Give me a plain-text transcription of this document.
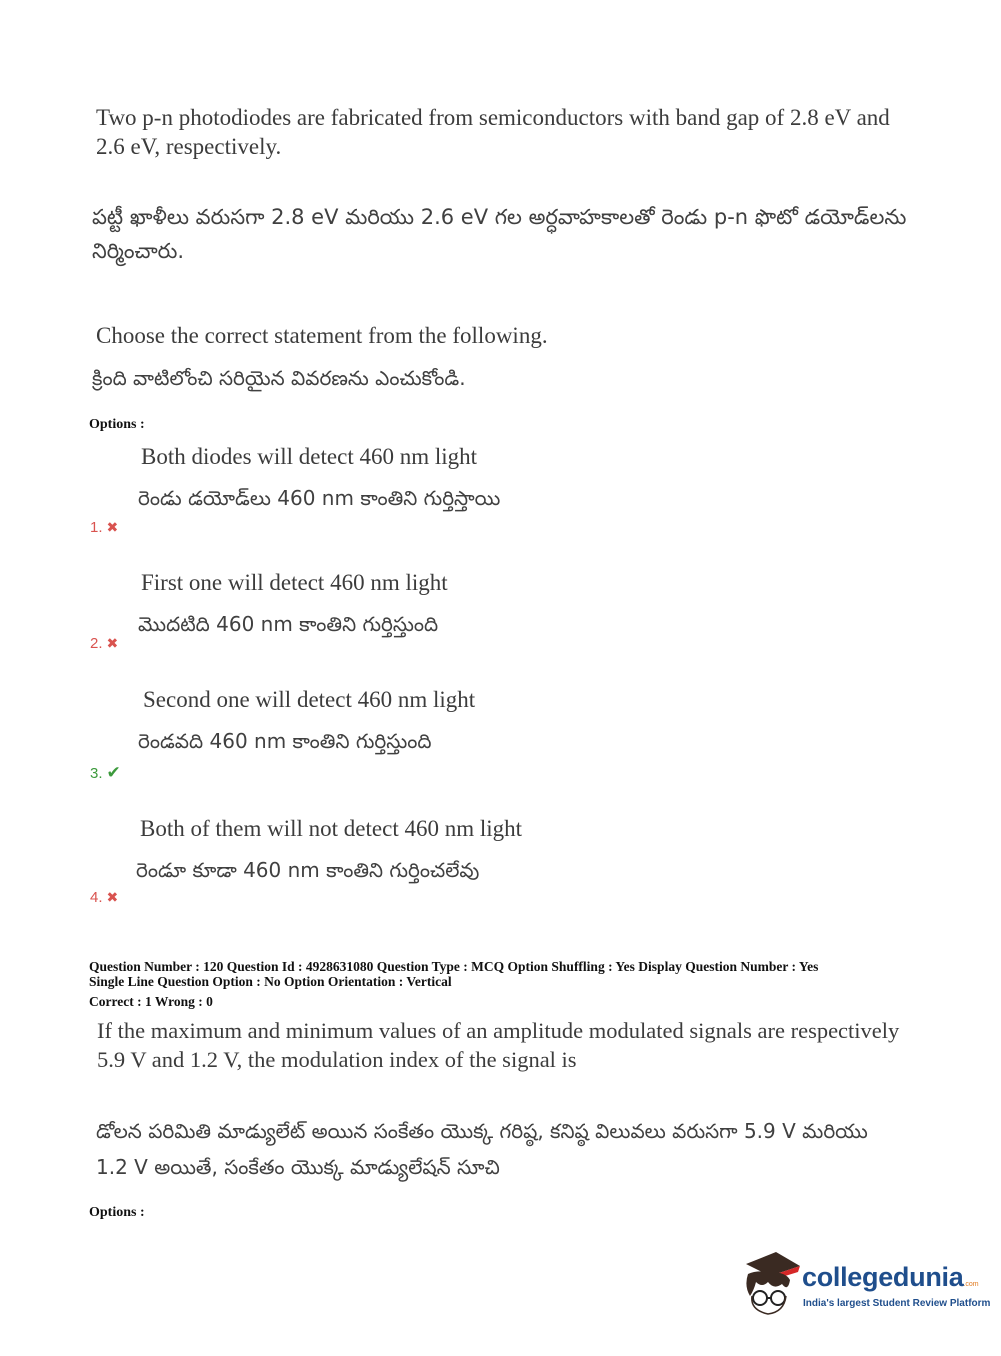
Two p-n photodiodes are fabricated from semiconductors with band gap of 2.8 eV and
2.6 eV, respectively.
పట్టీ ఖాళీలు వరుసగా 2.8 eV మరియు 2.6 eV గల అర్ధవాహకాలతో రెండు p-n ఫొటో డయోడ్‌లను
నిర్మించారు.
Choose the correct statement from the following.
క్రింది వాటిలోంచి సరియైన వివరణను ఎంచుకోండి.
Options :
Both diodes will detect 460 nm light
రెండు డయోడ్‌లు 460 nm కాంతిని గుర్తిస్తాయి
1. ✖
First one will detect 460 nm light
మొదటిది 460 nm కాంతిని గుర్తిస్తుంది
2. ✖
Second one will detect 460 nm light
రెండవది 460 nm కాంతిని గుర్తిస్తుంది
3. ✔
Both of them will not detect 460 nm light
రెండూ కూడా 460 nm కాంతిని గుర్తించలేవు
4. ✖
Question Number : 120 Question Id : 4928631080 Question Type : MCQ Option Shuffling : Yes Display Question Number : Yes
Single Line Question Option : No Option Orientation : Vertical
Correct : 1 Wrong : 0
If the maximum and minimum values of an amplitude modulated signals are respectively
5.9 V and 1.2 V, the modulation index of the signal is
డోలన పరిమితి మాడ్యులేట్ అయిన సంకేతం యొక్క గరిష్ఠ, కనిష్ఠ విలువలు వరుసగా 5.9 V మరియు
1.2 V అయితే, సంకేతం యొక్క మాడ్యులేషన్ సూచి
Options :
collegedunia.com
India's largest Student Review Platform
